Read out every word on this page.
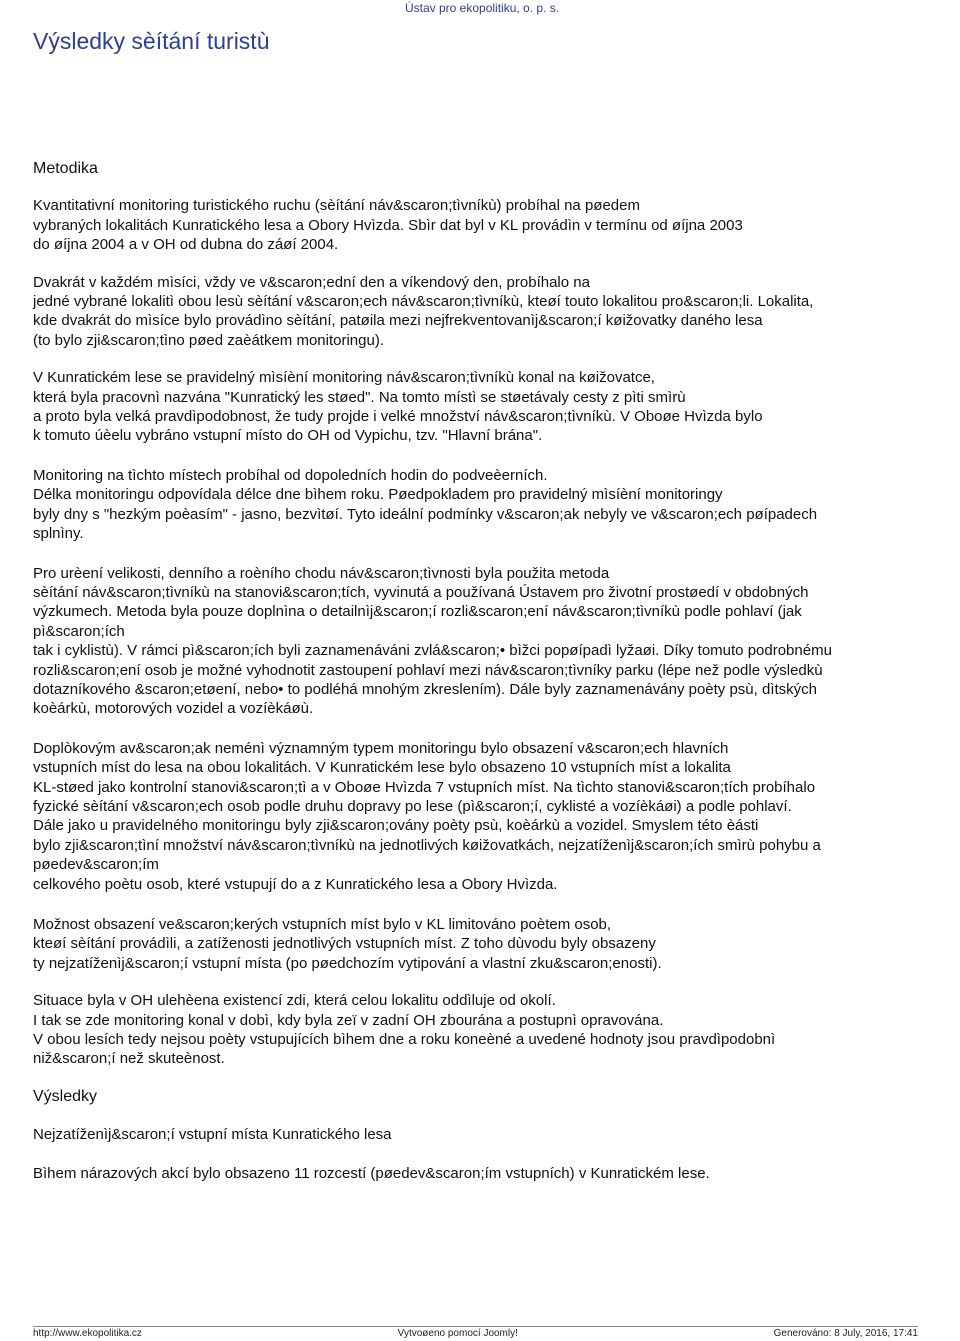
Ústav pro ekopolitiku, o. p. s.
Výsledky sèítání turistù

Metodika

Kvantitativní monitoring turistického ruchu (sèítání náv&scaron;tìvníkù) probíhal na pøedem
vybraných lokalitách Kunratického lesa a Obory Hvìzda. Sbìr dat byl v KL provádìn v termínu od øíjna 2003
do øíjna 2004 a v OH od dubna do záøí 2004.

Dvakrát v každém mìsíci, vždy ve v&scaron;ední den a víkendový den, probíhalo na
jedné vybrané lokalitì obou lesù sèítání v&scaron;ech náv&scaron;tìvníkù, kteøí touto lokalitou pro&scaron;li. Lokalita,
kde dvakrát do mìsíce bylo provádìno sèítání, patøila mezi nejfrekventovanìj&scaron;í køižovatky daného lesa
(to bylo zji&scaron;tìno pøed zaèátkem monitoringu).

V Kunratickém lese se pravidelný mìsíèní monitoring náv&scaron;tìvníkù konal na køižovatce,
která byla pracovnì nazvána "Kunratický les støed". Na tomto místì se støetávaly cesty z pìti smìrù
a proto byla velká pravdìpodobnost, že tudy projde i velké množství náv&scaron;tìvníkù. V Oboøe Hvìzda bylo
k tomuto úèelu vybráno vstupní místo do OH od Vypichu, tzv. "Hlavní brána".

Monitoring na tìchto místech probíhal od dopoledních hodin do podveèerních.
Délka monitoringu odpovídala délce dne bìhem roku. Pøedpokladem pro pravidelný mìsíèní monitoringy
byly dny s "hezkým poèasím" - jasno, bezvìtøí. Tyto ideální podmínky v&scaron;ak nebyly ve v&scaron;ech pøípadech
splnìny.

Pro urèení velikosti, denního a roèního chodu náv&scaron;tìvnosti byla použita metoda
sèítání náv&scaron;tìvníkù na stanovi&scaron;tích, vyvinutá a používaná Ústavem pro životní prostøedí v obdobných
výzkumech. Metoda byla pouze doplnìna o detailnìj&scaron;í rozli&scaron;ení náv&scaron;tìvníkù podle pohlaví (jak
pì&scaron;ích
tak i cyklistù). V rámci pì&scaron;ích byli zaznamenáváni zvlá&scaron;• bìžci popøípadì lyžaøi. Díky tomuto podrobnému
rozli&scaron;ení osob je možné vyhodnotit zastoupení pohlaví mezi náv&scaron;tìvníky parku (lépe než podle výsledkù
dotazníkového &scaron;etøení, nebo• to podléhá mnohým zkreslením). Dále byly zaznamenávány poèty psù, dìtských
koèárkù, motorových vozidel a vozíèkáøù.

Doplòkovým av&scaron;ak neménì významným typem monitoringu bylo obsazení v&scaron;ech hlavních
vstupních míst do lesa na obou lokalitách. V Kunratickém lese bylo obsazeno 10 vstupních míst a lokalita
KL-støed jako kontrolní stanovi&scaron;tì a v Oboøe Hvìzda 7 vstupních míst. Na tìchto stanovi&scaron;tích probíhalo
fyzické sèítání v&scaron;ech osob podle druhu dopravy po lese (pì&scaron;í, cyklisté a vozíèkáøi) a podle pohlaví.
Dále jako u pravidelného monitoringu byly zji&scaron;ovány poèty psù, koèárkù a vozidel. Smyslem této èásti
bylo zji&scaron;tìní množství náv&scaron;tìvníkù na jednotlivých køižovatkách, nejzatíženìj&scaron;ích smìrù pohybu a
pøedev&scaron;ím
celkového poètu osob, které vstupují do a z Kunratického lesa a Obory Hvìzda.

Možnost obsazení ve&scaron;kerých vstupních míst bylo v KL limitováno poètem osob,
kteøí sèítání provádìli, a zatíženosti jednotlivých vstupních míst. Z toho dùvodu byly obsazeny
ty nejzatíženìj&scaron;í vstupní místa (po pøedchozím vytipování a vlastní zku&scaron;enosti).

Situace byla v OH ulehèena existencí zdi, která celou lokalitu oddìluje od okolí.
I tak se zde monitoring konal v dobì, kdy byla zeï v zadní OH zbourána a postupnì opravována.
V obou lesích tedy nejsou poèty vstupujících bìhem dne a roku koneèné a uvedené hodnoty jsou pravdìpodobnì
niž&scaron;í než skuteènost.

Výsledky

Nejzatíženìj&scaron;í vstupní místa Kunratického lesa

Bìhem nárazových akcí bylo obsazeno 11 rozcestí (pøedev&scaron;ím vstupních) v Kunratickém lese.

http://www.ekopolitika.cz	Vytvoøeno pomocí Joomly!	Generováno: 8 July, 2016, 17:41
